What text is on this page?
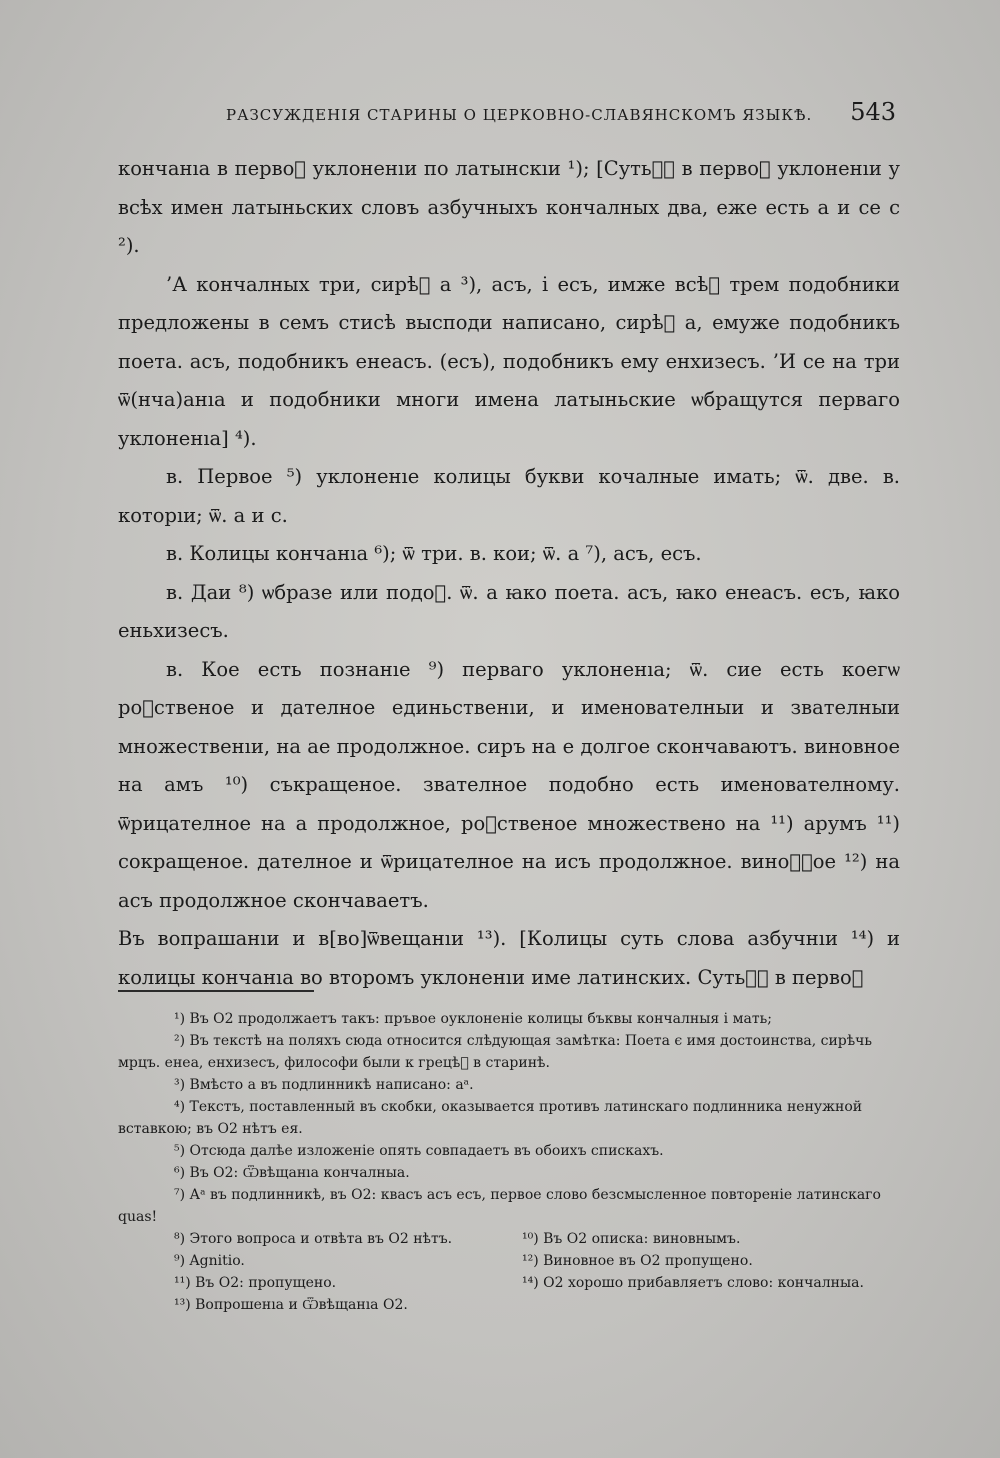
РАЗСУЖДЕНІЯ СТАРИНЫ О ЦЕРКОВНО-СЛАВЯНСКОМЪ ЯЗЫКѢ. 543

кончанıа в первоⷨ уклоненıи по латынскıи ¹); [Сутьⷤ҇ в первоⷨ уклоненıи у всѣх имен латыньских словъ азбучныхъ кончалных два, еже есть а и се с ²).

’А кончалных три, сирѣⷱ а ³), асъ, і есъ, имже всѣⷨ трем подобники предложены в семъ стисѣ высподи написано, сирѣⷱ а, емуже подобникъ поета. асъ, подобникъ енеасъ. (есъ), подобникъ ему енхизесъ. ’И се на три ѿ(нча)анıа и подобники многи имена латыньские ѡбращутся перваго уклоненıа] ⁴).

в. Первое ⁵) уклоненıе колицы букви кочалные имать; ѿ. две. в. которıи; ѿ. а и с.

в. Колицы кончанıа ⁶); ѿ три. в. кои; ѿ. а ⁷), асъ, есъ.

в. Даи ⁸) ѡбразе или подоⷠ. ѿ. а ꙗко поета. асъ, ꙗко енеасъ. есъ, ꙗко еньхизесъ.

в. Кое есть познанıе ⁹) перваго уклоненıа; ѿ. сие есть коегѡ роⷣственое и дателное единьственıи, и именователныи и звателныи множественıи, на ае продолжное. сиръ на е долгое скончаваютъ. виновное на амъ ¹⁰) съкращеное. звателное подобно есть именователному. ѿрицателное на а продолжное, роⷣственое множествено на ¹¹) арумъ ¹¹) сокращеное. дателное и ѿрицателное на исъ продолжное. виноⷩ҇ое ¹²) на асъ продолжное скончаваетъ.

Въ вопрашанıи и в[во]ѿвещанıи ¹³). [Колицы суть слова азбучнıи ¹⁴) и колицы кончанıа во второмъ уклоненıи име латинских. Сутьⷤ҇ в первоⷨ

¹) Въ О2 продолжаетъ такъ: пръвое оуклоненіе колицы бъквы кончалныя і мать;

²) Въ текстѣ на поляхъ сюда относится слѣдующая замѣтка: Поета є имя достоинства, сирѣчь мрцъ. енеа, енхизесъ, философи были к грецѣⷨ в старинѣ.

³) Вмѣсто а въ подлинникѣ написано: аᵃ.

⁴) Текстъ, поставленный въ скобки, оказывается противъ латинскаго подлинника ненужной вставкою; въ О2 нѣтъ ея.

⁵) Отсюда далѣе изложеніе опять совпадаетъ въ обоихъ спискахъ.

⁶) Въ О2: Ѿвѣщанıа кончалныа.

⁷) Аᵃ въ подлинникѣ, въ О2: квасъ асъ есъ, первое слово безсмысленное повтореніе латинскаго quas!

⁸) Этого вопроса и отвѣта въ О2 нѣтъ.

⁹) Agnitio.

¹¹) Въ О2: пропущено.

¹³) Вопрошенıа и Ѿвѣщанıа О2.

¹⁰) Въ О2 описка: виновнымъ.

¹²) Виновное въ О2 пропущено.

¹⁴) О2 хорошо прибавляетъ слово: кончалныа.
